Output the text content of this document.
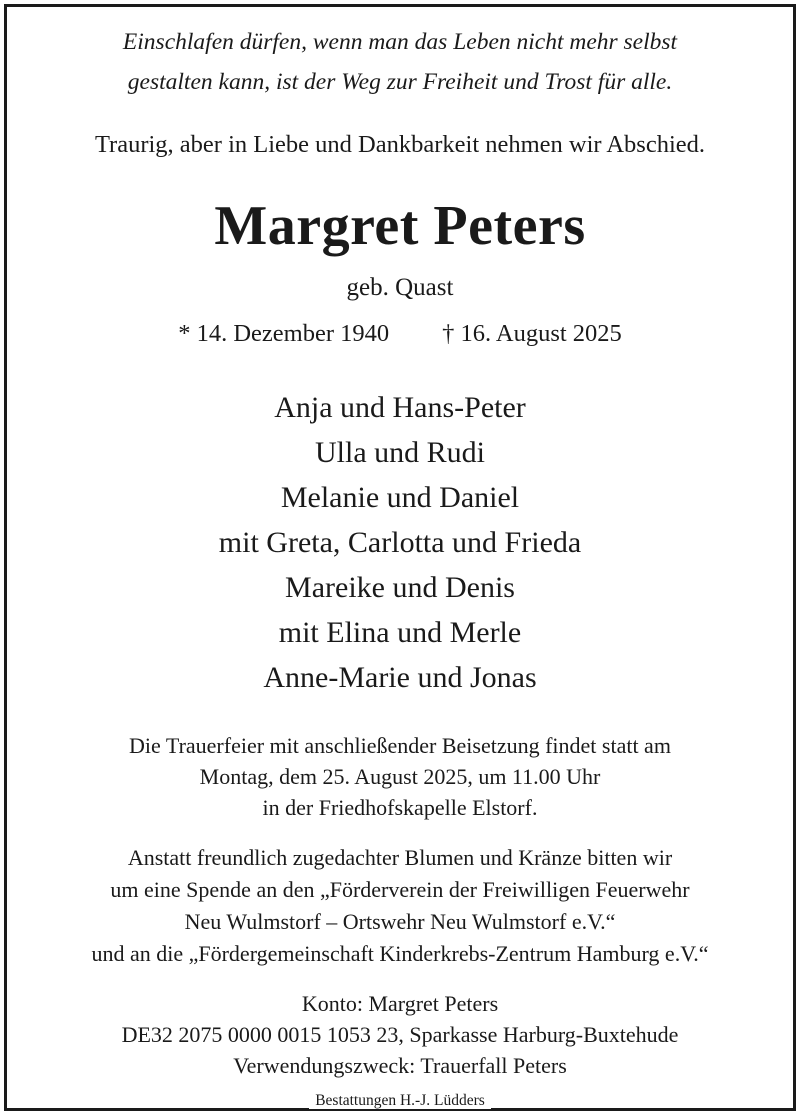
Einschlafen dürfen, wenn man das Leben nicht mehr selbst
gestalten kann, ist der Weg zur Freiheit und Trost für alle.
Traurig, aber in Liebe und Dankbarkeit nehmen wir Abschied.
Margret Peters
geb. Quast
* 14. Dezember 1940 † 16. August 2025
Anja und Hans-Peter
Ulla und Rudi
Melanie und Daniel
mit Greta, Carlotta und Frieda
Mareike und Denis
mit Elina und Merle
Anne-Marie und Jonas
Die Trauerfeier mit anschließender Beisetzung findet statt am
Montag, dem 25. August 2025, um 11.00 Uhr
in der Friedhofskapelle Elstorf.
Anstatt freundlich zugedachter Blumen und Kränze bitten wir
um eine Spende an den „Förderverein der Freiwilligen Feuerwehr
Neu Wulmstorf – Ortswehr Neu Wulmstorf e.V.“
und an die „Fördergemeinschaft Kinderkrebs-Zentrum Hamburg e.V.“
Konto: Margret Peters
DE32 2075 0000 0015 1053 23, Sparkasse Harburg-Buxtehude
Verwendungszweck: Trauerfall Peters
Bestattungen H.-J. Lüdders
